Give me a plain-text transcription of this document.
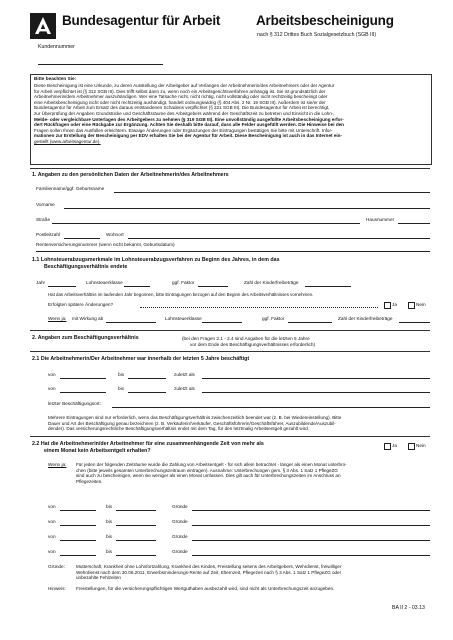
Bundesagentur für Arbeit	Arbeitsbescheinigung
nach § 312 Drittes Buch Sozialgesetzbuch (SGB III)
Kundennummer
Bitte beachten Sie:
Diese Bescheinigung ist eine Urkunde, zu deren Ausstellung der Arbeitgeber auf Verlangen der Arbeitnehmerin/des Arbeitnehmers oder der Agentur
für Arbeit verpflichtet ist (§ 312 SGB III). Dies trifft selbst dann zu, wenn noch ein Arbeitsgerichtsverfahren anhängig ist. Sie ist grundsätzlich der
Arbeitnehmerin/dem Arbeitnehmer auszuhändigen. Wer eine Tatsache nicht, nicht richtig, nicht vollständig oder nicht rechtzeitig bescheinigt oder
eine Arbeitsbescheinigung nicht oder nicht rechtzeitig aushändigt, handelt ordnungswidrig (§ 404 Abs. 2 Nr. 19 SGB III). Außerdem ist sie/er der
Bundesagentur für Arbeit zum Ersatz des daraus entstandenen Schadens verpflichtet (§ 321 SGB III). Die Bundesagentur für Arbeit ist berechtigt,
zur Überprüfung der Angaben Grundstücke und Geschäftsräume des Arbeitgebers während der Geschäftszeit zu betreten und Einsicht in die Lohn-,
Melde- oder vergleichbare Unterlagen des Arbeitgebers zu nehmen (§ 319 SGB III). Eine unvollständig ausgefüllte Arbeitsbescheinigung erfor-
dert Rückfragen oder eine Rückgabe zur Ergänzung. Achten Sie deshalb bitte darauf, dass alle Felder ausgefüllt werden. Die Hinweise bei den
Fragen sollen Ihnen das Ausfüllen erleichtern. Etwaige Änderungen oder Ergänzungen der Eintragungen bestätigen Sie bitte mit Unterschrift. Infor-
mationen zur Erstellung der Bescheinigung per EDV erhalten Sie bei der Agentur für Arbeit. Diese Bescheinigung ist auch in das Internet ein-
gestellt (www.arbeitsagentur.de).
1. Angaben zu den persönlichen Daten der Arbeitnehmerin/des Arbeitnehmers
Familienname/ggf. Geburtsname
Vorname
Straße	Hausnummer
Postleitzahl	Wohnort
Rentenversicherungsnummer (wenn nicht bekannt, Geburtsdatum)
1.1 Lohnsteuerabzugsmerkmale im Lohnsteuerabzugsverfahren zu Beginn des Jahres, in dem das
Beschäftigungsverhältnis endete
Jahr	Lohnsteuerklasse	ggf. Faktor	Zahl der Kinderfreibeträge
Hat das Arbeitsverhältnis im laufenden Jahr begonnen, bitte Eintragungen bezogen auf den Beginn des Arbeitsverhältnisses vornehmen.
Erfolgten spätere Änderungen?	Ja	Nein
Wenn ja: mit Wirkung ab	Lohnsteuerklasse	ggf. Faktor	Zahl der Kinderfreibeträge
2. Angaben zum Beschäftigungsverhältnis	(bei den Fragen 2.1 - 2.4 sind Angaben für die letzten 5 Jahre
vor dem Ende des Beschäftigungsverhältnisses erforderlich)
2.1 Die Arbeitnehmerin/Der Arbeitnehmer war innerhalb der letzten 5 Jahre beschäftigt
von	bis	zuletzt als
von	bis	zuletzt als
letzter Beschäftigungsort:
Mehrere Eintragungen sind nur erforderlich, wenn das Beschäftigungsverhältnis zwischenzeitlich beendet war (z. B. bei Wiedereinstellung). Bitte
Dauer und Art der Beschäftigung genau bezeichnen (z. B. Verkäuferin/Verkäufer, Geschäftsführerin/Geschäftsführer, Auszubildende/Auszubil-
dender). Das versicherungsrechtliche Beschäftigungsverhältnis endet mit dem Tag, für den letztmalig Arbeitsentgelt gezahlt wird.
2.2 Hat die Arbeitnehmerin/der Arbeitnehmer für eine zusammenhängende Zeit von mehr als
einem Monat kein Arbeitsentgelt erhalten?
Ja	Nein
Wenn ja: Für jeden der folgenden Zeiträume wurde die Zahlung von Arbeitsentgelt - für sich allein betrachtet - länger als einen Monat unterbro-
chen (bitte jeweils gesamten Unterbrechungszeitraum eintragen). Ausnahme: Unterbrechungen gem. § 3 Abs. 1 Satz 1 PflegeZG
sind auch zu bescheinigen, wenn sie weniger als einen Monat umfassen. Dies gilt auch für Unterbrechungszeiten im Anschluss an
Pflegezeiten.
von	bis	Gründe
von	bis	Gründe
von	bis	Gründe
von	bis	Gründe
Gründe: Mutterschaft, Krankheit ohne Lohnfortzahlung, Krankheit des Kindes, Freistellung seitens des Arbeitgebers, Wehrdienst, freiwilliger
Wehrdienst nach dem 30.06.2011, Erwerbsminderungs-Rente auf Zeit, Elternzeit, Pflegezeit nach § 3 Abs. 1 Satz 1 PflegeZG oder
unbezahlte Fehlzeiten
Hinweis: Freistellungen, für die versicherungspflichtiges Wertguthaben ausbezahlt wird, sind nicht als Unterbrechungszeit anzugeben.
BA II 2 - 03.13
